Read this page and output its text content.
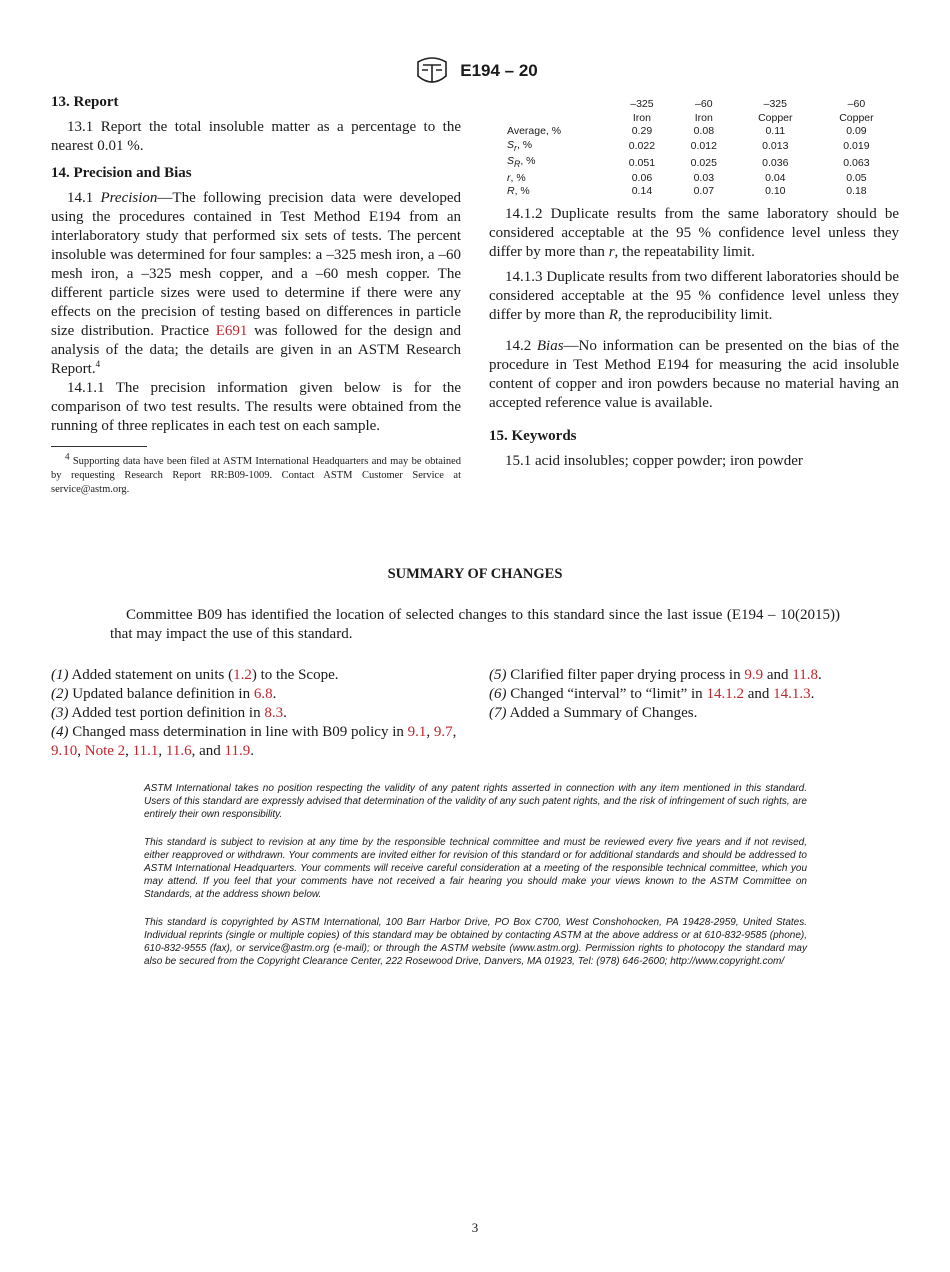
E194 – 20
13. Report

13.1 Report the total insoluble matter as a percentage to the nearest 0.01 %.

14. Precision and Bias

14.1 Precision—The following precision data were developed using the procedures contained in Test Method E194 from an interlaboratory study that performed six sets of tests. The percent insoluble was determined for four samples: a –325 mesh iron, a –60 mesh iron, a –325 mesh copper, and a –60 mesh copper. The different particle sizes were used to determine if there were any effects on the precision of testing based on differences in particle size distribution. Practice E691 was followed for the design and analysis of the data; the details are given in an ASTM Research Report.$^4$

14.1.1 The precision information given below is for the comparison of two test results. The results were obtained from the running of three replicates in each test on each sample.

$^4$ Supporting data have been filed at ASTM International Headquarters and may be obtained by requesting Research Report RR:B09-1009. Contact ASTM Customer Service at service@astm.org.

	–325	–60	–325	–60
	Iron	Iron	Copper	Copper
Average, %	0.29	0.08	0.11	0.09
$S_r$, %	0.022	0.012	0.013	0.019
$S_R$, %	0.051	0.025	0.036	0.063
r, %	0.06	0.03	0.04	0.05
R, %	0.14	0.07	0.10	0.18

14.1.2 Duplicate results from the same laboratory should be considered acceptable at the 95 % confidence level unless they differ by more than r, the repeatability limit.

14.1.3 Duplicate results from two different laboratories should be considered acceptable at the 95 % confidence level unless they differ by more than R, the reproducibility limit.

14.2 Bias—No information can be presented on the bias of the procedure in Test Method E194 for measuring the acid insoluble content of copper and iron powders because no material having an accepted reference value is available.

15. Keywords

15.1 acid insolubles; copper powder; iron powder

SUMMARY OF CHANGES

Committee B09 has identified the location of selected changes to this standard since the last issue (E194 – 10(2015)) that may impact the use of this standard.

(1) Added statement on units (1.2) to the Scope.
(2) Updated balance definition in 6.8.
(3) Added test portion definition in 8.3.
(4) Changed mass determination in line with B09 policy in 9.1, 9.7, 9.10, Note 2, 11.1, 11.6, and 11.9.
(5) Clarified filter paper drying process in 9.9 and 11.8.
(6) Changed “interval” to “limit” in 14.1.2 and 14.1.3.
(7) Added a Summary of Changes.

ASTM International takes no position respecting the validity of any patent rights asserted in connection with any item mentioned in this standard. Users of this standard are expressly advised that determination of the validity of any such patent rights, and the risk of infringement of such rights, are entirely their own responsibility.

This standard is subject to revision at any time by the responsible technical committee and must be reviewed every five years and if not revised, either reapproved or withdrawn. Your comments are invited either for revision of this standard or for additional standards and should be addressed to ASTM International Headquarters. Your comments will receive careful consideration at a meeting of the responsible technical committee, which you may attend. If you feel that your comments have not received a fair hearing you should make your views known to the ASTM Committee on Standards, at the address shown below.

This standard is copyrighted by ASTM International, 100 Barr Harbor Drive, PO Box C700, West Conshohocken, PA 19428-2959, United States. Individual reprints (single or multiple copies) of this standard may be obtained by contacting ASTM at the above address or at 610-832-9585 (phone), 610-832-9555 (fax), or service@astm.org (e-mail); or through the ASTM website (www.astm.org). Permission rights to photocopy the standard may also be secured from the Copyright Clearance Center, 222 Rosewood Drive, Danvers, MA 01923, Tel: (978) 646-2600; http://www.copyright.com/

3
